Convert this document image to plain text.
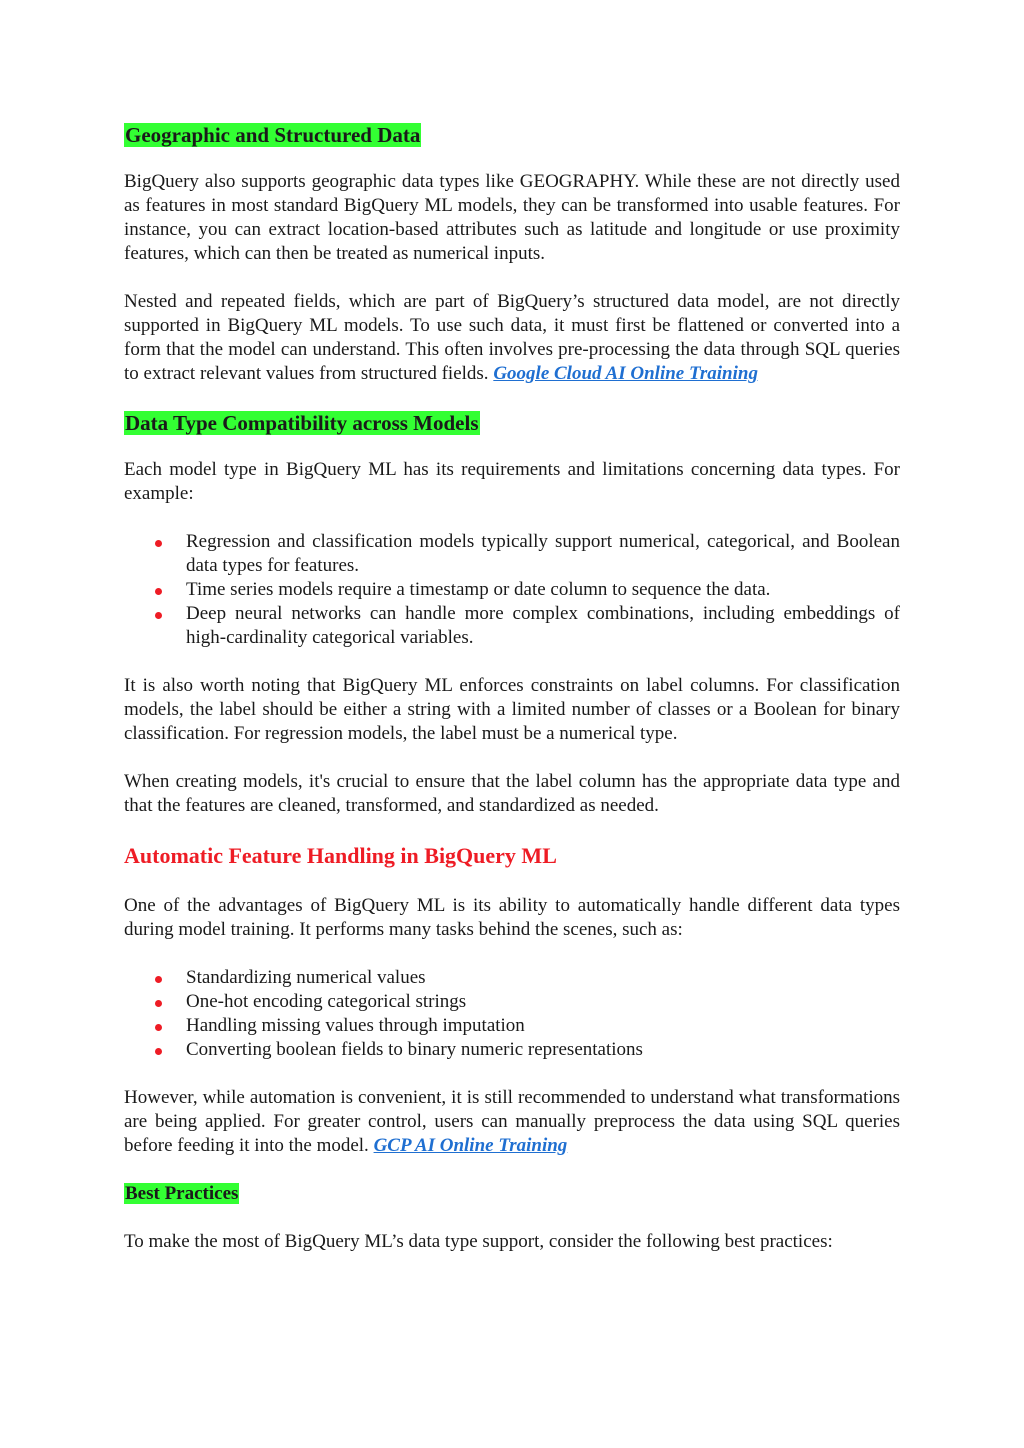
Geographic and Structured Data

BigQuery also supports geographic data types like GEOGRAPHY. While these are not directly used as features in most standard BigQuery ML models, they can be transformed into usable features. For instance, you can extract location-based attributes such as latitude and longitude or use proximity features, which can then be treated as numerical inputs.

Nested and repeated fields, which are part of BigQuery’s structured data model, are not directly supported in BigQuery ML models. To use such data, it must first be flattened or converted into a form that the model can understand. This often involves pre-processing the data through SQL queries to extract relevant values from structured fields. Google Cloud AI Online Training

Data Type Compatibility across Models

Each model type in BigQuery ML has its requirements and limitations concerning data types. For example:

Regression and classification models typically support numerical, categorical, and Boolean data types for features.
Time series models require a timestamp or date column to sequence the data.
Deep neural networks can handle more complex combinations, including embeddings of high-cardinality categorical variables.

It is also worth noting that BigQuery ML enforces constraints on label columns. For classification models, the label should be either a string with a limited number of classes or a Boolean for binary classification. For regression models, the label must be a numerical type.

When creating models, it's crucial to ensure that the label column has the appropriate data type and that the features are cleaned, transformed, and standardized as needed.

Automatic Feature Handling in BigQuery ML

One of the advantages of BigQuery ML is its ability to automatically handle different data types during model training. It performs many tasks behind the scenes, such as:

Standardizing numerical values
One-hot encoding categorical strings
Handling missing values through imputation
Converting boolean fields to binary numeric representations

However, while automation is convenient, it is still recommended to understand what transformations are being applied. For greater control, users can manually preprocess the data using SQL queries before feeding it into the model. GCP AI Online Training

Best Practices

To make the most of BigQuery ML’s data type support, consider the following best practices:
